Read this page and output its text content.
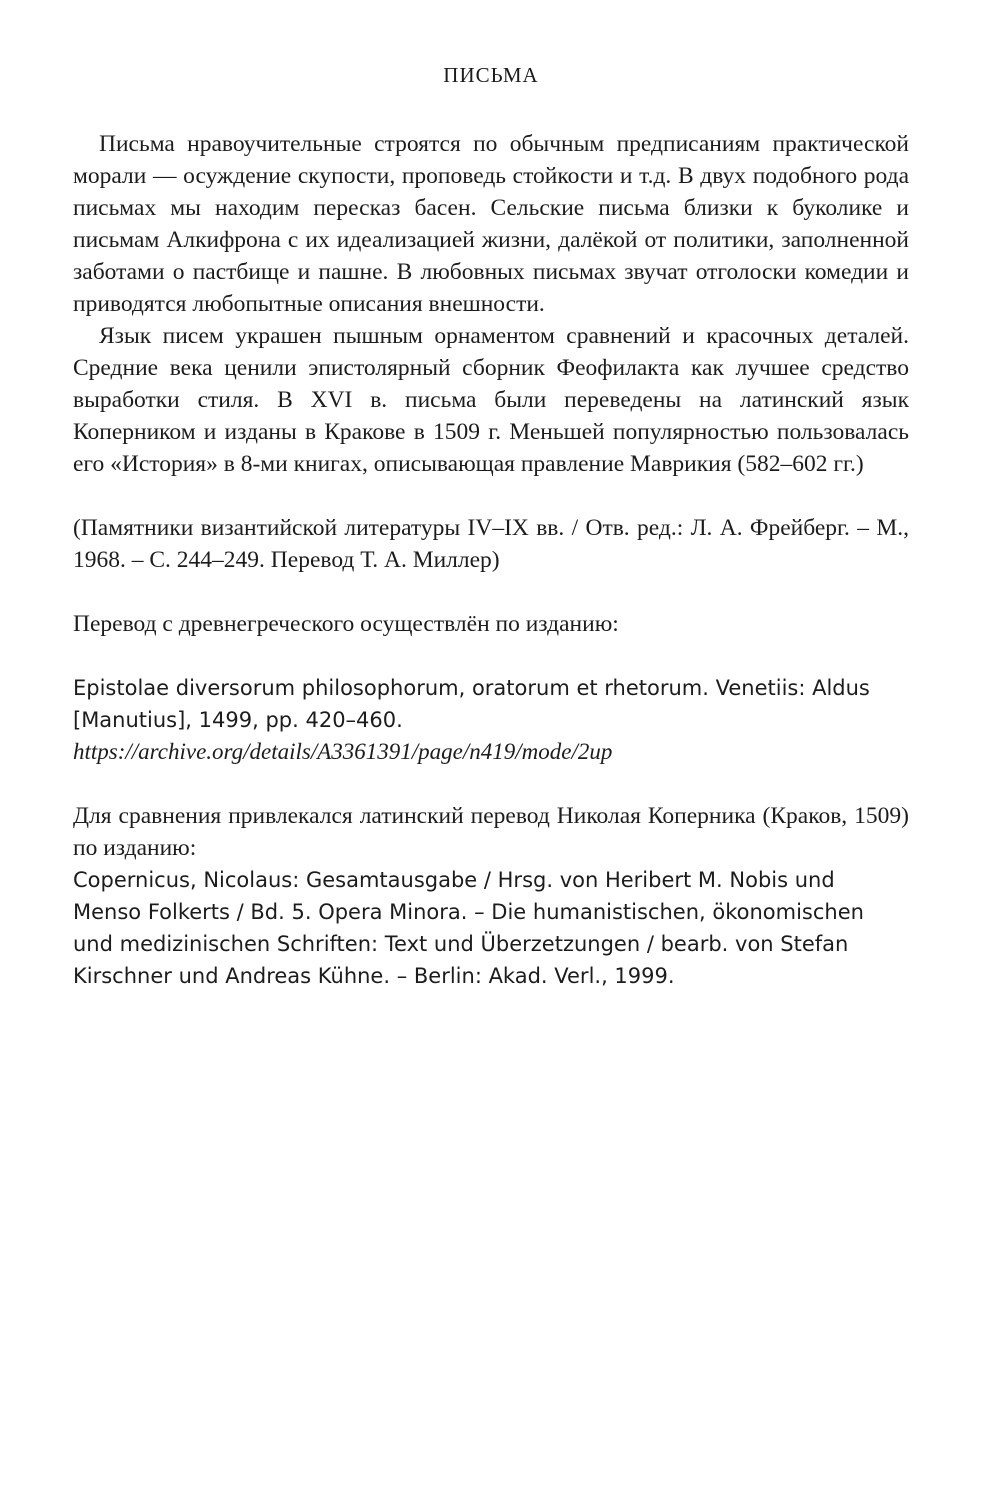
ПИСЬМА

Письма нравоучительные строятся по обычным предписаниям практической морали — осуждение скупости, проповедь стойкости и т.д. В двух подобного рода письмах мы находим пересказ басен. Сельские письма близки к буколике и письмам Алкифрона с их идеализацией жизни, далёкой от политики, заполненной заботами о пастбище и пашне. В любовных письмах звучат отголоски комедии и приводятся любопытные описания внешности.

Язык писем украшен пышным орнаментом сравнений и красочных деталей. Средние века ценили эпистолярный сборник Феофилакта как лучшее средство выработки стиля. В XVI в. письма были переведены на латинский язык Коперником и изданы в Кракове в 1509 г. Меньшей популярностью пользовалась его «История» в 8-ми книгах, описывающая правление Маврикия (582–602 гг.)

(Памятники византийской литературы IV–IX вв. / Отв. ред.: Л. А. Фрейберг. – М., 1968. – С. 244–249. Перевод Т. А. Миллер)

Перевод с древнегреческого осуществлён по изданию:

Epistolae diversorum philosophorum, oratorum et rhetorum. Venetiis: Aldus [Manutius], 1499, pp. 420–460.

https://archive.org/details/A3361391/page/n419/mode/2up

Для сравнения привлекался латинский перевод Николая Коперника (Краков, 1509) по изданию:

Copernicus, Nicolaus: Gesamtausgabe / Hrsg. von Heribert M. Nobis und Menso Folkerts / Bd. 5. Opera Minora. – Die humanistischen, ökonomischen und medizinischen Schriften: Text und Überzetzungen / bearb. von Stefan Kirschner und Andreas Kühne. – Berlin: Akad. Verl., 1999.
